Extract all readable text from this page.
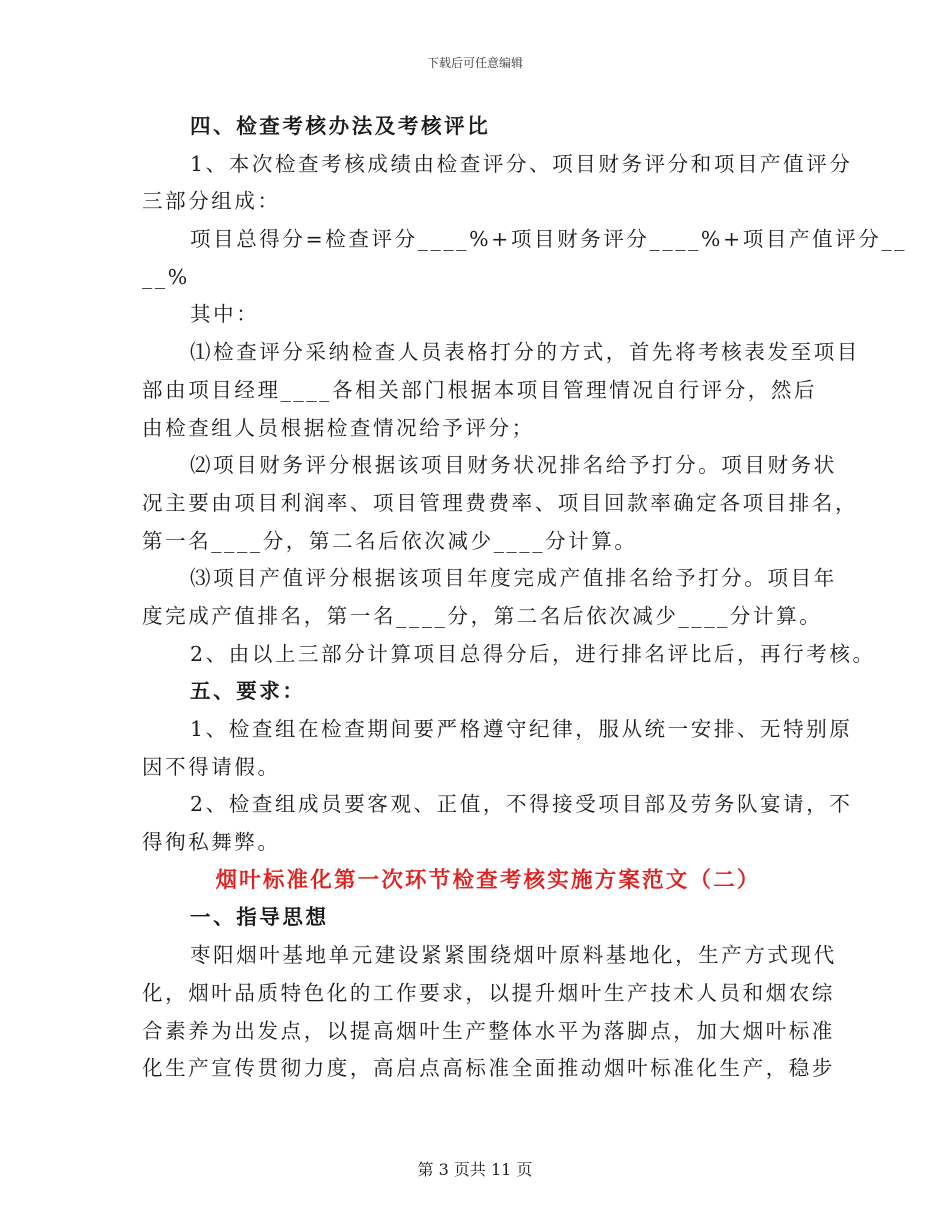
下载后可任意编辑
四、检查考核办法及考核评比
1、本次检查考核成绩由检查评分、项目财务评分和项目产值评分
三部分组成：
项目总得分=检查评分____%+项目财务评分____%+项目产值评分__
__%
其中：
⑴检查评分采纳检查人员表格打分的方式，首先将考核表发至项目
部由项目经理____各相关部门根据本项目管理情况自行评分，然后
由检查组人员根据检查情况给予评分；
⑵项目财务评分根据该项目财务状况排名给予打分。项目财务状
况主要由项目利润率、项目管理费费率、项目回款率确定各项目排名，
第一名____分，第二名后依次减少____分计算。
⑶项目产值评分根据该项目年度完成产值排名给予打分。项目年
度完成产值排名，第一名____分，第二名后依次减少____分计算。
2、由以上三部分计算项目总得分后，进行排名评比后，再行考核。
五、要求：
1、检查组在检查期间要严格遵守纪律，服从统一安排、无特别原
因不得请假。
2、检查组成员要客观、正值，不得接受项目部及劳务队宴请，不
得徇私舞弊。
烟叶标准化第一次环节检查考核实施方案范文（二）
一、指导思想
枣阳烟叶基地单元建设紧紧围绕烟叶原料基地化，生产方式现代
化，烟叶品质特色化的工作要求，以提升烟叶生产技术人员和烟农综
合素养为出发点，以提高烟叶生产整体水平为落脚点，加大烟叶标准
化生产宣传贯彻力度，高启点高标准全面推动烟叶标准化生产，稳步
第 3 页共 11 页
